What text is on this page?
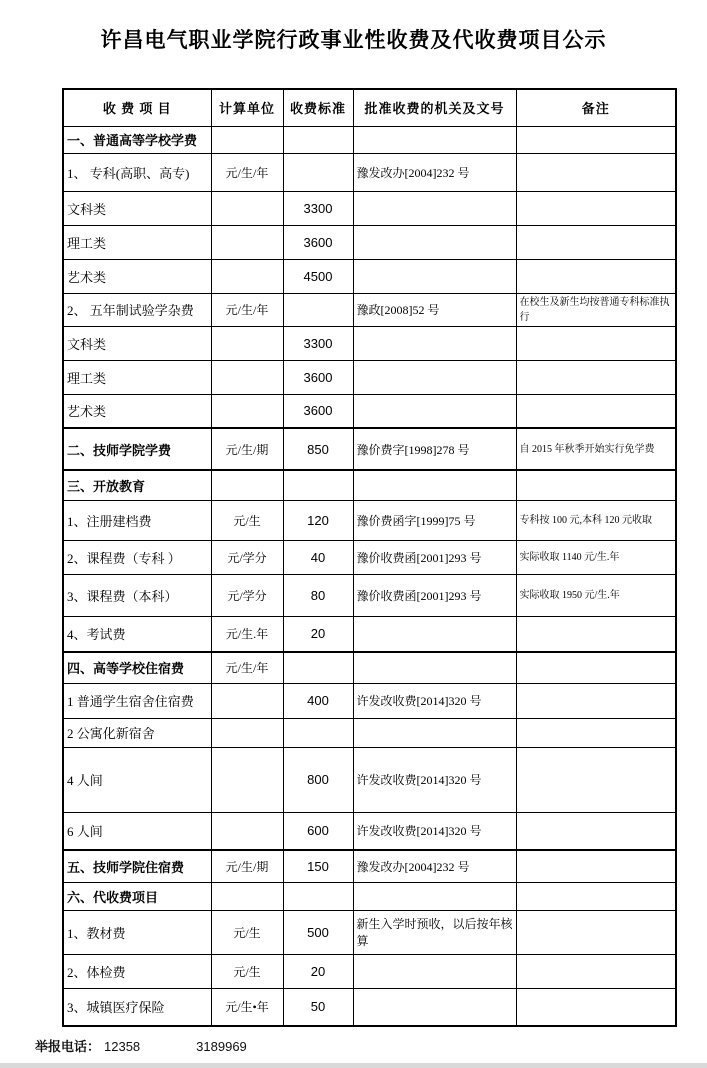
许昌电气职业学院行政事业性收费及代收费项目公示
收 费 项 目	计算单位	收费标准	批准收费的机关及文号	备注
一、普通高等学校学费				
1、 专科(高职、高专)	元/生/年		豫发改办[2004]232 号	
文科类		3300		
理工类		3600		
艺术类		4500		
2、 五年制试验学杂费	元/生/年		豫政[2008]52 号	在校生及新生均按普通专科标准执行
文科类		3300		
理工类		3600		
艺术类		3600		
二、技师学院学费	元/生/期	850	豫价费字[1998]278 号	自 2015 年秋季开始实行免学费
三、开放教育				
1、注册建档费	元/生	120	豫价费函字[1999]75 号	专科按 100 元,本科 120 元收取
2、课程费（专科 ）	元/学分	40	豫价收费函[2001]293 号	实际收取 1140 元/生.年
3、课程费（本科）	元/学分	80	豫价收费函[2001]293 号	实际收取 1950 元/生.年
4、考试费	元/生.年	20		
四、高等学校住宿费	元/生/年			
1 普通学生宿舍住宿费		400	许发改收费[2014]320 号	
2 公寓化新宿舍				
4 人间		800	许发改收费[2014]320 号	
6 人间		600	许发改收费[2014]320 号	
五、技师学院住宿费	元/生/期	150	豫发改办[2004]232 号	
六、代收费项目				
1、教材费	元/生	500	新生入学时预收，以后按年核算	
2、体检费	元/生	20		
3、城镇医疗保险	元/生•年	50		
举报电话： 12358	3189969
